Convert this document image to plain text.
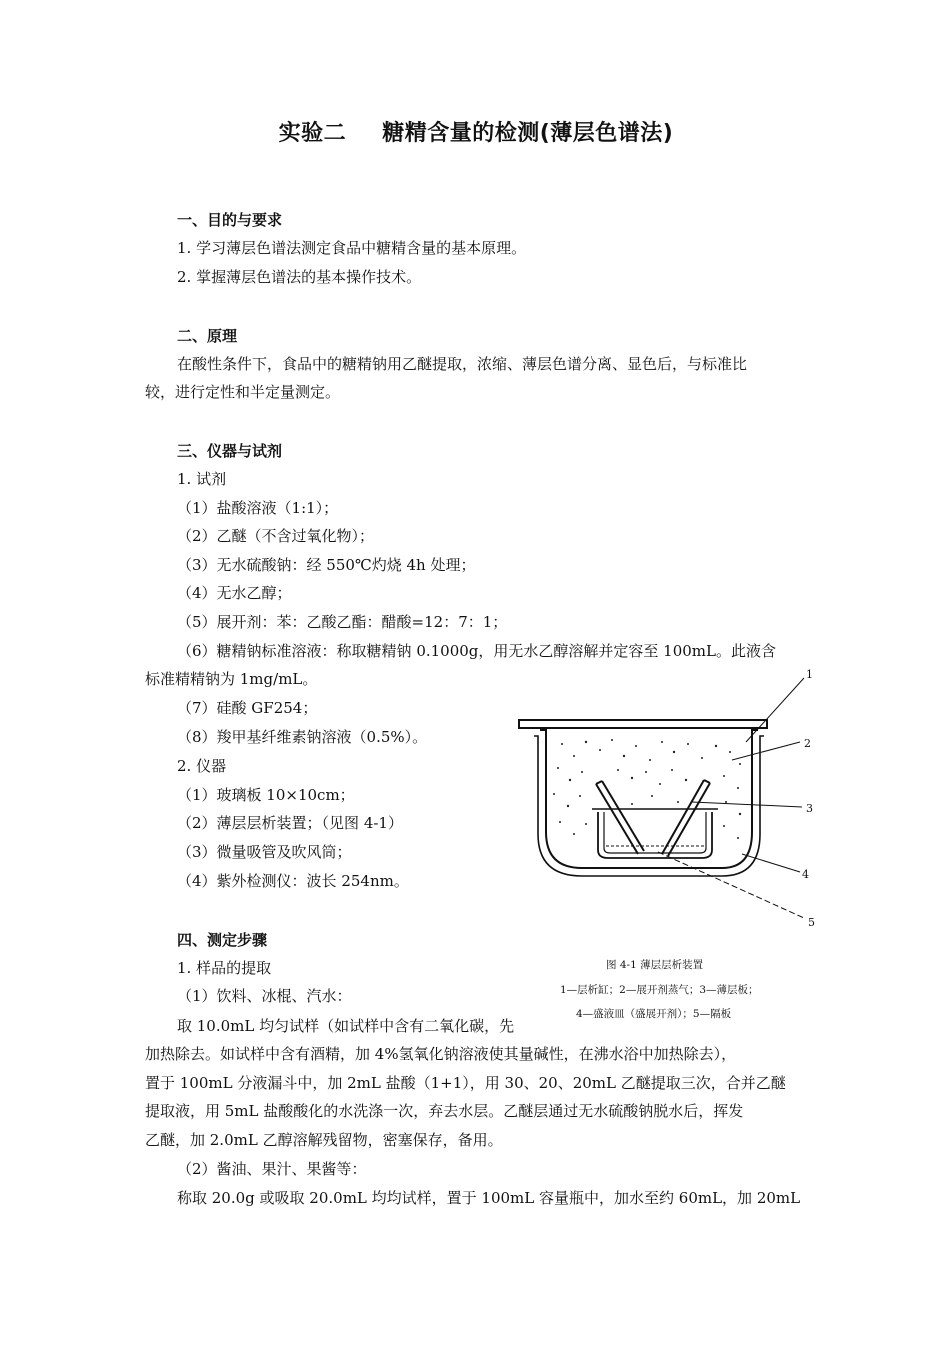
实验二 糖精含量的检测(薄层色谱法)
一、目的与要求
1. 学习薄层色谱法测定食品中糖精含量的基本原理。
2. 掌握薄层色谱法的基本操作技术。
二、原理
在酸性条件下，食品中的糖精钠用乙醚提取，浓缩、薄层色谱分离、显色后，与标准比
较，进行定性和半定量测定。
三、仪器与试剂
1. 试剂
（1）盐酸溶液（1:1）；
（2）乙醚（不含过氧化物）；
（3）无水硫酸钠：经 550℃灼烧 4h 处理；
（4）无水乙醇；
（5）展开剂：苯：乙酸乙酯：醋酸=12：7：1；
（6）糖精钠标准溶液：称取糖精钠 0.1000g，用无水乙醇溶解并定容至 100mL。此液含
标准精精钠为 1mg/mL。
（7）硅酸 GF254；
（8）羧甲基纤维素钠溶液（0.5%）。
2. 仪器
（1）玻璃板 10×10cm；
（2）薄层层析装置；（见图 4-1）
（3）微量吸管及吹风筒；
（4）紫外检测仪：波长 254nm。
四、测定步骤
1. 样品的提取
（1）饮料、冰棍、汽水：
取 10.0mL 均匀试样（如试样中含有二氧化碳，先
加热除去。如试样中含有酒精，加 4%氢氧化钠溶液使其量碱性，在沸水浴中加热除去），
置于 100mL 分液漏斗中，加 2mL 盐酸（1+1），用 30、20、20mL 乙醚提取三次，合并乙醚
提取液，用 5mL 盐酸酸化的水洗涤一次，弃去水层。乙醚层通过无水硫酸钠脱水后，挥发
乙醚，加 2.0mL 乙醇溶解残留物，密塞保存，备用。
（2）酱油、果汁、果酱等：
称取 20.0g 或吸取 20.0mL 均均试样，置于 100mL 容量瓶中，加水至约 60mL，加 20mL
1
2
3
4
5
图 4-1 薄层层析装置
1—层析缸；2—展开剂蒸气；3—薄层板；
4—盛液皿（盛展开剂）；5—隔板
